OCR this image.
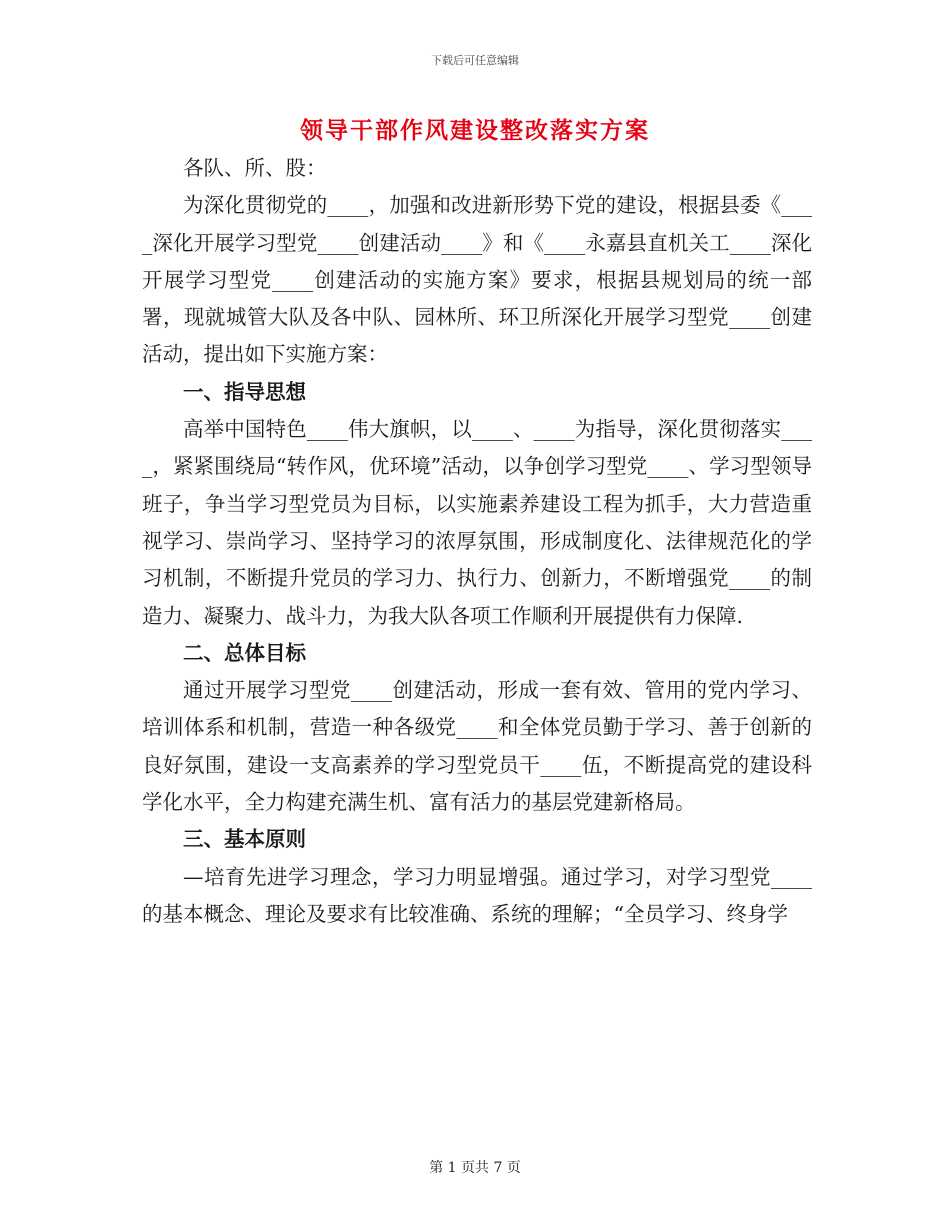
下载后可任意编辑
领导干部作风建设整改落实方案

各队、所、股：

为深化贯彻党的____，加强和改进新形势下党的建设，根据县委《____深化开展学习型党____创建活动____》和《____永嘉县直机关工____深化开展学习型党____创建活动的实施方案》要求，根据县规划局的统一部署，现就城管大队及各中队、园林所、环卫所深化开展学习型党____创建活动，提出如下实施方案：

一、指导思想

高举中国特色____伟大旗帜，以____、____为指导，深化贯彻落实____，紧紧围绕局“转作风，优环境”活动，以争创学习型党____、学习型领导班子，争当学习型党员为目标，以实施素养建设工程为抓手，大力营造重视学习、崇尚学习、坚持学习的浓厚氛围，形成制度化、法律规范化的学习机制，不断提升党员的学习力、执行力、创新力，不断增强党____的制造力、凝聚力、战斗力，为我大队各项工作顺利开展提供有力保障.

二、总体目标

通过开展学习型党____创建活动，形成一套有效、管用的党内学习、培训体系和机制，营造一种各级党____和全体党员勤于学习、善于创新的良好氛围，建设一支高素养的学习型党员干____伍，不断提高党的建设科学化水平，全力构建充满生机、富有活力的基层党建新格局。

三、基本原则

—培育先进学习理念，学习力明显增强。通过学习，对学习型党____的基本概念、理论及要求有比较准确、系统的理解；“全员学习、终身学

第 1 页共 7 页
